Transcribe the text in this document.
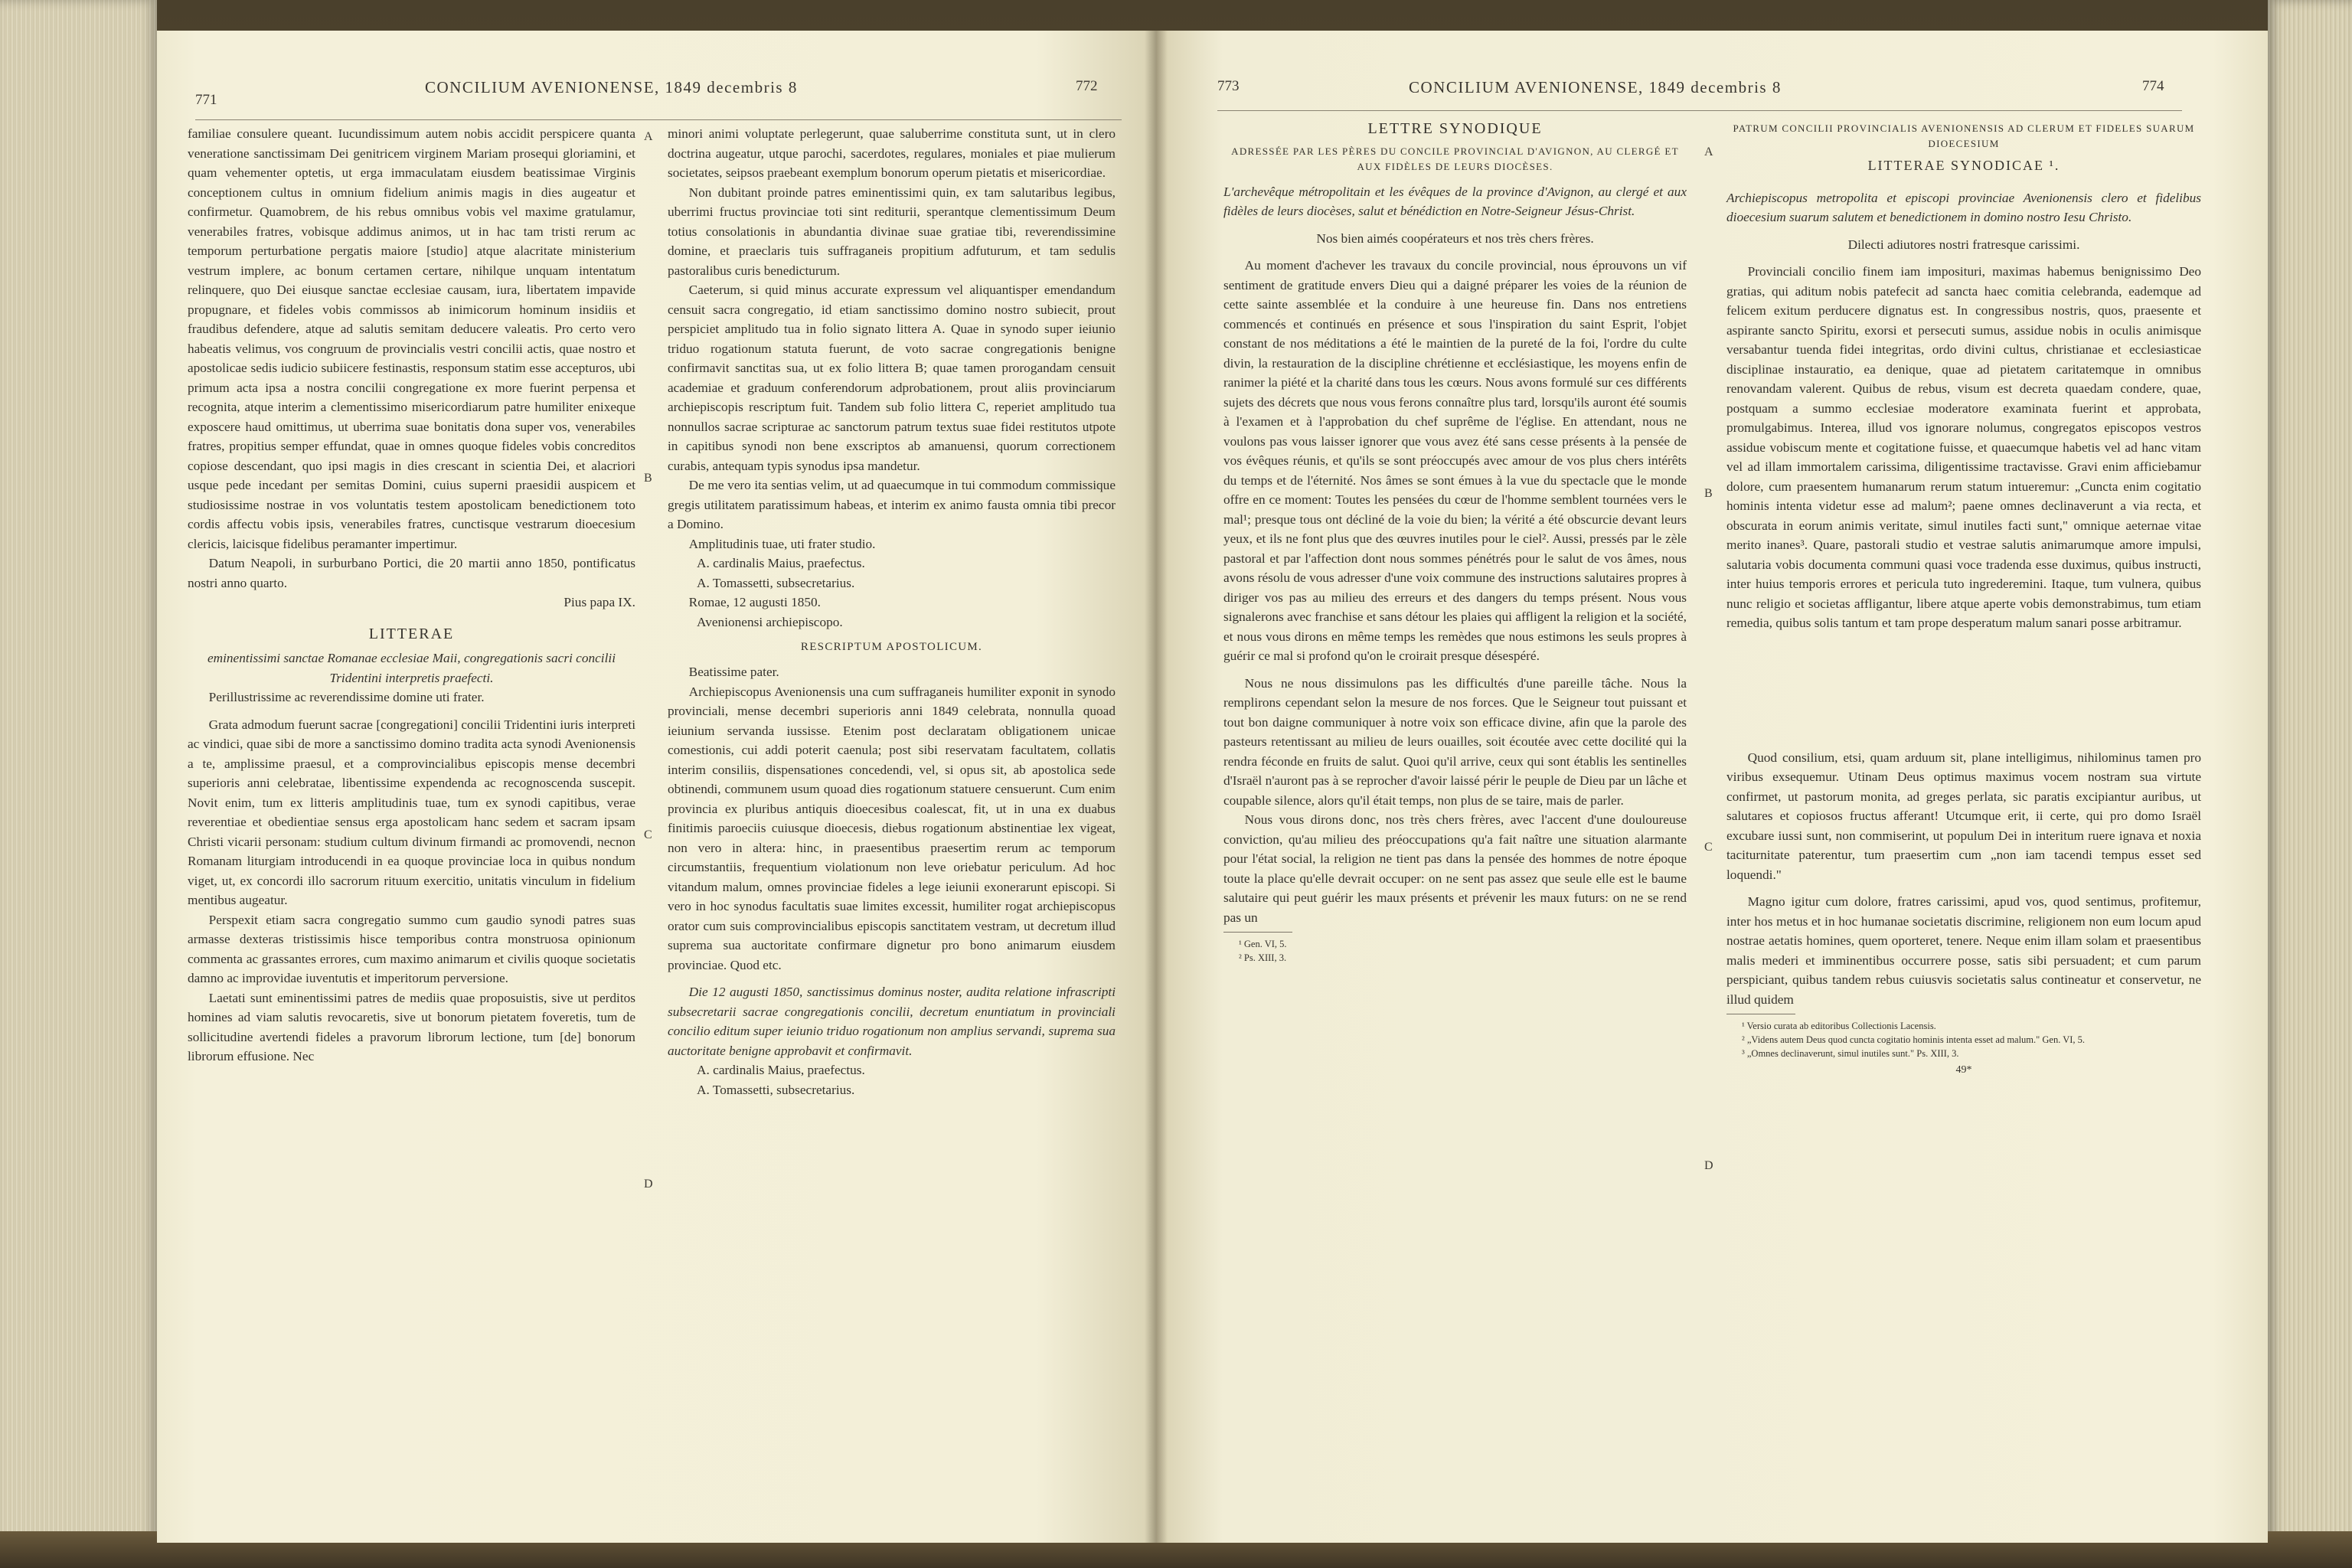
771
CONCILIUM AVENIONENSE, 1849 decembris 8	772

familiae consulere queant. Iucundissimum autem nobis accidit perspicere quanta veneratione sanctissimam Dei genitricem virginem Mariam prosequi gloriamini, et quam vehementer optetis, ut erga immaculatam eiusdem beatissimae Virginis conceptionem cultus in omnium fidelium animis magis in dies augeatur et confirmetur. Quamobrem, de his rebus omnibus vobis vel maxime gratulamur, venerabiles fratres, vobisque addimus animos, ut in hac tam tristi rerum ac temporum perturbatione pergatis maiore [studio] atque alacritate ministerium vestrum implere, ac bonum certamen certare, nihilque unquam intentatum relinquere, quo Dei eiusque sanctae ecclesiae causam, iura, libertatem impavide propugnare, et fideles vobis commissos ab inimicorum hominum insidiis et fraudibus defendere, atque ad salutis semitam deducere valeatis. Pro certo vero habeatis velimus, vos congruum de provincialis vestri concilii actis, quae nostro et apostolicae sedis iudicio subiicere festinastis, responsum statim esse accepturos, ubi primum acta ipsa a nostra concilii congregatione ex more fuerint perpensa et recognita, atque interim a clementissimo misericordiarum patre humiliter enixeque exposcere haud omittimus, ut uberrima suae bonitatis dona super vos, venerabiles fratres, propitius semper effundat, quae in omnes quoque fideles vobis concreditos copiose descendant, quo ipsi magis in dies crescant in scientia Dei, et alacriori usque pede incedant per semitas Domini, cuius superni praesidii auspicem et studiosissime nostrae in vos voluntatis testem apostolicam benedictionem toto cordis affectu vobis ipsis, venerabiles fratres, cunctisque vestrarum dioecesium clericis, laicisque fidelibus peramanter impertimur.

Datum Neapoli, in surburbano Portici, die 20 martii anno 1850, pontificatus nostri anno quarto.

Pius papa IX.

LITTERAE

eminentissimi sanctae Romanae ecclesiae Maii, congregationis sacri concilii Tridentini interpretis praefecti.

Perillustrissime ac reverendissime domine uti frater.

Grata admodum fuerunt sacrae [congregationi] concilii Tridentini iuris interpreti ac vindici, quae sibi de more a sanctissimo domino tradita acta synodi Avenionensis a te, amplissime praesul, et a comprovincialibus episcopis mense decembri superioris anni celebratae, libentissime expendenda ac recognoscenda suscepit. Novit enim, tum ex litteris amplitudinis tuae, tum ex synodi capitibus, verae reverentiae et obedientiae sensus erga apostolicam hanc sedem et sacram ipsam Christi vicarii personam: studium cultum divinum firmandi ac promovendi, necnon Romanam liturgiam introducendi in ea quoque provinciae loca in quibus nondum viget, ut, ex concordi illo sacrorum rituum exercitio, unitatis vinculum in fidelium mentibus augeatur.

Perspexit etiam sacra congregatio summo cum gaudio synodi patres suas armasse dexteras tristissimis hisce temporibus contra monstruosa opinionum commenta ac grassantes errores, cum maximo animarum et civilis quoque societatis damno ac improvidae iuventutis et imperitorum perversione.

Laetati sunt eminentissimi patres de mediis quae proposuistis, sive ut perditos homines ad viam salutis revocaretis, sive ut bonorum pietatem foveretis, tum de sollicitudine avertendi fideles a pravorum librorum lectione, tum [de] bonorum librorum effusione. Nec

minori animi voluptate perlegerunt, quae saluberrime constituta sunt, ut in clero doctrina augeatur, utque parochi, sacerdotes, regulares, moniales et piae mulierum societates, seipsos praebeant exemplum bonorum operum pietatis et misericordiae.

Non dubitant proinde patres eminentissimi quin, ex tam salutaribus legibus, uberrimi fructus provinciae toti sint rediturii, sperantque clementissimum Deum totius consolationis in abundantia divinae suae gratiae tibi, reverendissimine domine, et praeclaris tuis suffraganeis propitium adfuturum, et tam sedulis pastoralibus curis benedicturum.

Caeterum, si quid minus accurate expressum vel aliquantisper emendandum censuit sacra congregatio, id etiam sanctissimo domino nostro subiecit, prout perspiciet amplitudo tua in folio signato littera A. Quae in synodo super ieiunio triduo rogationum statuta fuerunt, de voto sacrae congregationis benigne confirmavit sanctitas sua, ut ex folio littera B; quae tamen prorogandam censuit academiae et graduum conferendorum adprobationem, prout aliis provinciarum archiepiscopis rescriptum fuit. Tandem sub folio littera C, reperiet amplitudo tua nonnullos sacrae scripturae ac sanctorum patrum textus suae fidei restitutos utpote in capitibus synodi non bene exscriptos ab amanuensi, quorum correctionem curabis, antequam typis synodus ipsa mandetur.

De me vero ita sentias velim, ut ad quaecumque in tui commodum commissique gregis utilitatem paratissimum habeas, et interim ex animo fausta omnia tibi precor a Domino.

Amplitudinis tuae, uti frater studio.

A. cardinalis Maius, praefectus.

A. Tomassetti, subsecretarius.

Romae, 12 augusti 1850.

Avenionensi archiepiscopo.

RESCRIPTUM APOSTOLICUM.

Beatissime pater.

Archiepiscopus Avenionensis una cum suffraganeis humiliter exponit in synodo provinciali, mense decembri superioris anni 1849 celebrata, nonnulla quoad ieiunium servanda iussisse. Etenim post declaratam obligationem unicae comestionis, cui addi poterit caenula; post sibi reservatam facultatem, collatis interim consiliis, dispensationes concedendi, vel, si opus sit, ab apostolica sede obtinendi, communem usum quoad dies rogationum statuere censuerunt. Cum enim provincia ex pluribus antiquis dioecesibus coalescat, fit, ut in una ex duabus finitimis paroeciis cuiusque dioecesis, diebus rogationum abstinentiae lex vigeat, non vero in altera: hinc, in praesentibus praesertim rerum ac temporum circumstantiis, frequentium violationum non leve oriebatur periculum. Ad hoc vitandum malum, omnes provinciae fideles a lege ieiunii exonerarunt episcopi. Si vero in hoc synodus facultatis suae limites excessit, humiliter rogat archiepiscopus orator cum suis comprovincialibus episcopis sanctitatem vestram, ut decretum illud suprema sua auctoritate confirmare dignetur pro bono animarum eiusdem provinciae. Quod etc.

Die 12 augusti 1850, sanctissimus dominus noster, audita relatione infrascripti subsecretarii sacrae congregationis concilii, decretum enuntiatum in provinciali concilio editum super ieiunio triduo rogationum non amplius servandi, suprema sua auctoritate benigne approbavit et confirmavit.

A. cardinalis Maius, praefectus.

A. Tomassetti, subsecretarius.

A
B
C
D
773	CONCILIUM AVENIONENSE, 1849 decembris 8	774

LETTRE SYNODIQUE

ADRESSÉE PAR LES PÈRES DU CONCILE PROVINCIAL D'AVIGNON, AU CLERGÉ ET AUX FIDÈLES DE LEURS DIOCÈSES.

L'archevêque métropolitain et les évêques de la province d'Avignon, au clergé et aux fidèles de leurs diocèses, salut et bénédiction en Notre-Seigneur Jésus-Christ.

Nos bien aimés coopérateurs et nos très chers frères.

Au moment d'achever les travaux du concile provincial, nous éprouvons un vif sentiment de gratitude envers Dieu qui a daigné préparer les voies de la réunion de cette sainte assemblée et la conduire à une heureuse fin. Dans nos entretiens commencés et continués en présence et sous l'inspiration du saint Esprit, l'objet constant de nos méditations a été le maintien de la pureté de la foi, l'ordre du culte divin, la restauration de la discipline chrétienne et ecclésiastique, les moyens enfin de ranimer la piété et la charité dans tous les cœurs. Nous avons formulé sur ces différents sujets des décrets que nous vous ferons connaître plus tard, lorsqu'ils auront été soumis à l'examen et à l'approbation du chef suprême de l'église. En attendant, nous ne voulons pas vous laisser ignorer que vous avez été sans cesse présents à la pensée de vos évêques réunis, et qu'ils se sont préoccupés avec amour de vos plus chers intérêts du temps et de l'éternité. Nos âmes se sont émues à la vue du spectacle que le monde offre en ce moment: Toutes les pensées du cœur de l'homme semblent tournées vers le mal¹; presque tous ont décliné de la voie du bien; la vérité a été obscurcie devant leurs yeux, et ils ne font plus que des œuvres inutiles pour le ciel². Aussi, pressés par le zèle pastoral et par l'affection dont nous sommes pénétrés pour le salut de vos âmes, nous avons résolu de vous adresser d'une voix commune des instructions salutaires propres à diriger vos pas au milieu des erreurs et des dangers du temps présent. Nous vous signalerons avec franchise et sans détour les plaies qui affligent la religion et la société, et nous vous dirons en même temps les remèdes que nous estimons les seuls propres à guérir ce mal si profond qu'on le croirait presque désespéré.

Nous ne nous dissimulons pas les difficultés d'une pareille tâche. Nous la remplirons cependant selon la mesure de nos forces. Que le Seigneur tout puissant et tout bon daigne communiquer à notre voix son efficace divine, afin que la parole des pasteurs retentissant au milieu de leurs ouailles, soit écoutée avec cette docilité qui la rendra féconde en fruits de salut. Quoi qu'il arrive, ceux qui sont établis les sentinelles d'Israël n'auront pas à se reprocher d'avoir laissé périr le peuple de Dieu par un lâche et coupable silence, alors qu'il était temps, non plus de se taire, mais de parler.

Nous vous dirons donc, nos très chers frères, avec l'accent d'une douloureuse conviction, qu'au milieu des préoccupations qu'a fait naître une situation alarmante pour l'état social, la religion ne tient pas dans la pensée des hommes de notre époque toute la place qu'elle devrait occuper: on ne sent pas assez que seule elle est le baume salutaire qui peut guérir les maux présents et prévenir les maux futurs: on ne se rend pas un

¹ Gen. VI, 5.

² Ps. XIII, 3.

PATRUM CONCILII PROVINCIALIS AVENIONENSIS AD CLERUM ET FIDELES SUARUM DIOECESIUM

LITTERAE SYNODICAE ¹.

Archiepiscopus metropolita et episcopi provinciae Avenionensis clero et fidelibus dioecesium suarum salutem et benedictionem in domino nostro Iesu Christo.

Dilecti adiutores nostri fratresque carissimi.

Provinciali concilio finem iam imposituri, maximas habemus benignissimo Deo gratias, qui aditum nobis patefecit ad sancta haec comitia celebranda, eademque ad felicem exitum perducere dignatus est. In congressibus nostris, quos, praesente et aspirante sancto Spiritu, exorsi et persecuti sumus, assidue nobis in oculis animisque versabantur tuenda fidei integritas, ordo divini cultus, christianae et ecclesiasticae disciplinae instauratio, ea denique, quae ad pietatem caritatemque in omnibus renovandam valerent. Quibus de rebus, visum est decreta quaedam condere, quae, postquam a summo ecclesiae moderatore examinata fuerint et approbata, promulgabimus. Interea, illud vos ignorare nolumus, congregatos episcopos vestros assidue vobiscum mente et cogitatione fuisse, et quaecumque habetis vel ad hanc vitam vel ad illam immortalem carissima, diligentissime tractavisse. Gravi enim afficiebamur dolore, cum praesentem humanarum rerum statum intueremur: „Cuncta enim cogitatio hominis intenta videtur esse ad malum²; paene omnes declinaverunt a via recta, et obscurata in eorum animis veritate, simul inutiles facti sunt," omnique aeternae vitae merito inanes³. Quare, pastorali studio et vestrae salutis animarumque amore impulsi, salutaria vobis documenta communi quasi voce tradenda esse duximus, quibus instructi, inter huius temporis errores et pericula tuto ingrederemini. Itaque, tum vulnera, quibus nunc religio et societas affligantur, libere atque aperte vobis demonstrabimus, tum etiam remedia, quibus solis tantum et tam prope desperatum malum sanari posse arbitramur.

Quod consilium, etsi, quam arduum sit, plane intelligimus, nihilominus tamen pro viribus exsequemur. Utinam Deus optimus maximus vocem nostram sua virtute confirmet, ut pastorum monita, ad greges perlata, sic paratis excipiantur auribus, ut salutares et copiosos fructus afferant! Utcumque erit, ii certe, qui pro domo Israël excubare iussi sunt, non commiserint, ut populum Dei in interitum ruere ignava et noxia taciturnitate paterentur, tum praesertim cum „non iam tacendi tempus esset sed loquendi."

Magno igitur cum dolore, fratres carissimi, apud vos, quod sentimus, profitemur, inter hos metus et in hoc humanae societatis discrimine, religionem non eum locum apud nostrae aetatis homines, quem oporteret, tenere. Neque enim illam solam et praesentibus malis mederi et imminentibus occurrere posse, satis sibi persuadent; et cum parum perspiciant, quibus tandem rebus cuiusvis societatis salus contineatur et conservetur, ne illud quidem

¹ Versio curata ab editoribus Collectionis Lacensis.

² „Videns autem Deus quod cuncta cogitatio hominis intenta esset ad malum." Gen. VI, 5.

³ „Omnes declinaverunt, simul inutiles sunt." Ps. XIII, 3.

49*

A
B
C
D
